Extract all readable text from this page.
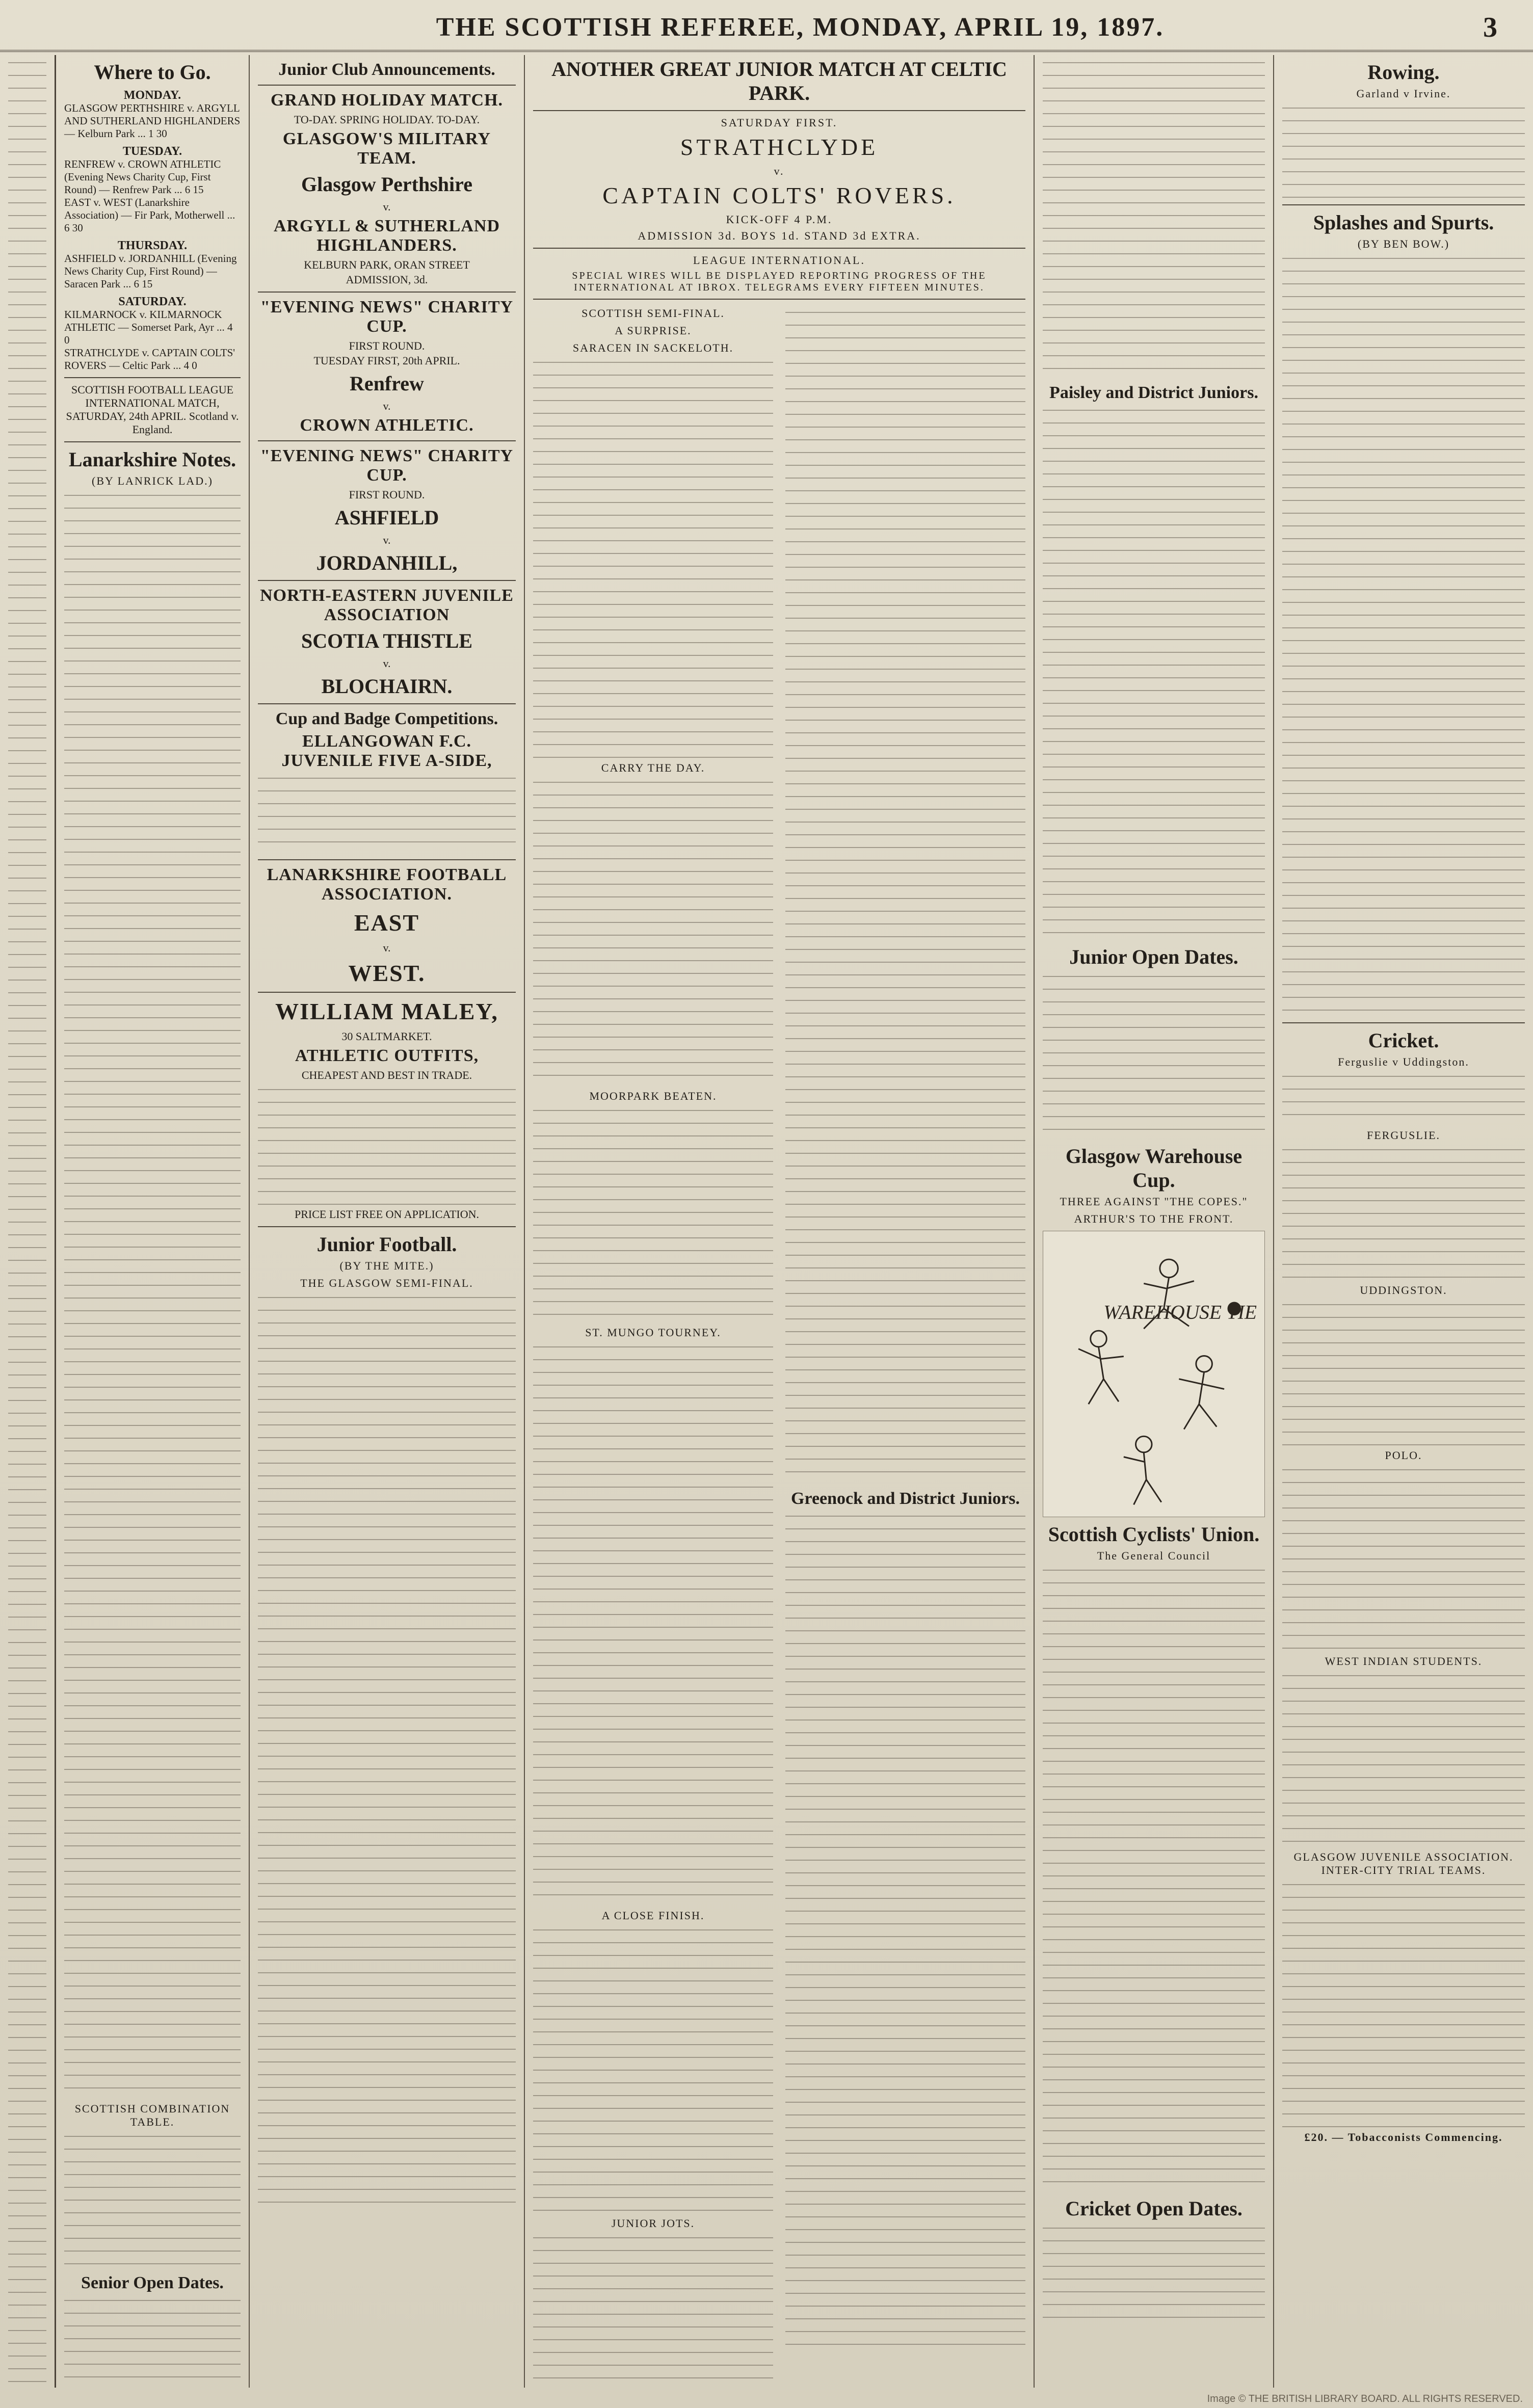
THE SCOTTISH REFEREE, MONDAY, APRIL 19, 1897.	3
Where to Go.
MONDAY.
GLASGOW PERTHSHIRE v. ARGYLL AND SUTHERLAND HIGHLANDERS — Kelburn Park ... 1 30
TUESDAY.
RENFREW v. CROWN ATHLETIC (Evening News Charity Cup, First Round) — Renfrew Park ... 6 15
EAST v. WEST (Lanarkshire Association) — Fir Park, Motherwell ... 6 30
THURSDAY.
ASHFIELD v. JORDANHILL (Evening News Charity Cup, First Round) — Saracen Park ... 6 15
SATURDAY.
KILMARNOCK v. KILMARNOCK ATHLETIC — Somerset Park, Ayr ... 4 0
STRATHCLYDE v. CAPTAIN COLTS' ROVERS — Celtic Park ... 4 0
SCOTTISH FOOTBALL LEAGUE INTERNATIONAL MATCH, SATURDAY, 24th APRIL. Scotland v. England.
Lanarkshire Notes.
(BY LANRICK LAD.)
SCOTTISH COMBINATION TABLE.
Senior Open Dates.
Junior Club Announcements.
GRAND HOLIDAY MATCH.
TO-DAY. SPRING HOLIDAY. TO-DAY.
GLASGOW'S MILITARY TEAM.
Glasgow Perthshire
v.
ARGYLL & SUTHERLAND HIGHLANDERS.
KELBURN PARK, ORAN STREET
ADMISSION, 3d.
"EVENING NEWS" CHARITY CUP.
FIRST ROUND.
TUESDAY FIRST, 20th APRIL.
Renfrew
v.
CROWN ATHLETIC.
"EVENING NEWS" CHARITY CUP.
FIRST ROUND.
ASHFIELD
v.
JORDANHILL,
NORTH-EASTERN JUVENILE ASSOCIATION
SCOTIA THISTLE
v.
BLOCHAIRN.
Cup and Badge Competitions.
ELLANGOWAN F.C. JUVENILE FIVE A-SIDE,
LANARKSHIRE FOOTBALL ASSOCIATION.
EAST
v.
WEST.
WILLIAM MALEY,
30 SALTMARKET.
ATHLETIC OUTFITS,
CHEAPEST AND BEST IN TRADE.
PRICE LIST FREE ON APPLICATION.
Junior Football.
(BY THE MITE.)
THE GLASGOW SEMI-FINAL.
ANOTHER GREAT JUNIOR MATCH AT CELTIC PARK.
SATURDAY FIRST.
STRATHCLYDE
v.
CAPTAIN COLTS' ROVERS.
KICK-OFF 4 P.M.
ADMISSION 3d. BOYS 1d. STAND 3d EXTRA.
LEAGUE INTERNATIONAL.
SPECIAL WIRES WILL BE DISPLAYED REPORTING PROGRESS OF THE INTERNATIONAL AT IBROX. TELEGRAMS EVERY FIFTEEN MINUTES.
SCOTTISH SEMI-FINAL.
A SURPRISE.
SARACEN IN SACKELOTH.
CARRY THE DAY.
MOORPARK BEATEN.
ST. MUNGO TOURNEY.
A CLOSE FINISH.
JUNIOR JOTS.
Greenock and District Juniors.
Paisley and District Juniors.
Junior Open Dates.
Glasgow Warehouse Cup.
THREE AGAINST "THE COPES."
ARTHUR'S TO THE FRONT.
WAREHOUSE TIE
Scottish Cyclists' Union.
The General Council
Cricket Open Dates.
Rowing.
Garland v Irvine.
Splashes and Spurts.
(BY BEN BOW.)
Cricket.
Ferguslie v Uddingston.
FERGUSLIE.
UDDINGSTON.
POLO.
WEST INDIAN STUDENTS.
GLASGOW JUVENILE ASSOCIATION. INTER-CITY TRIAL TEAMS.
£20. — Tobacconists Commencing.
Image © THE BRITISH LIBRARY BOARD. ALL RIGHTS RESERVED.
